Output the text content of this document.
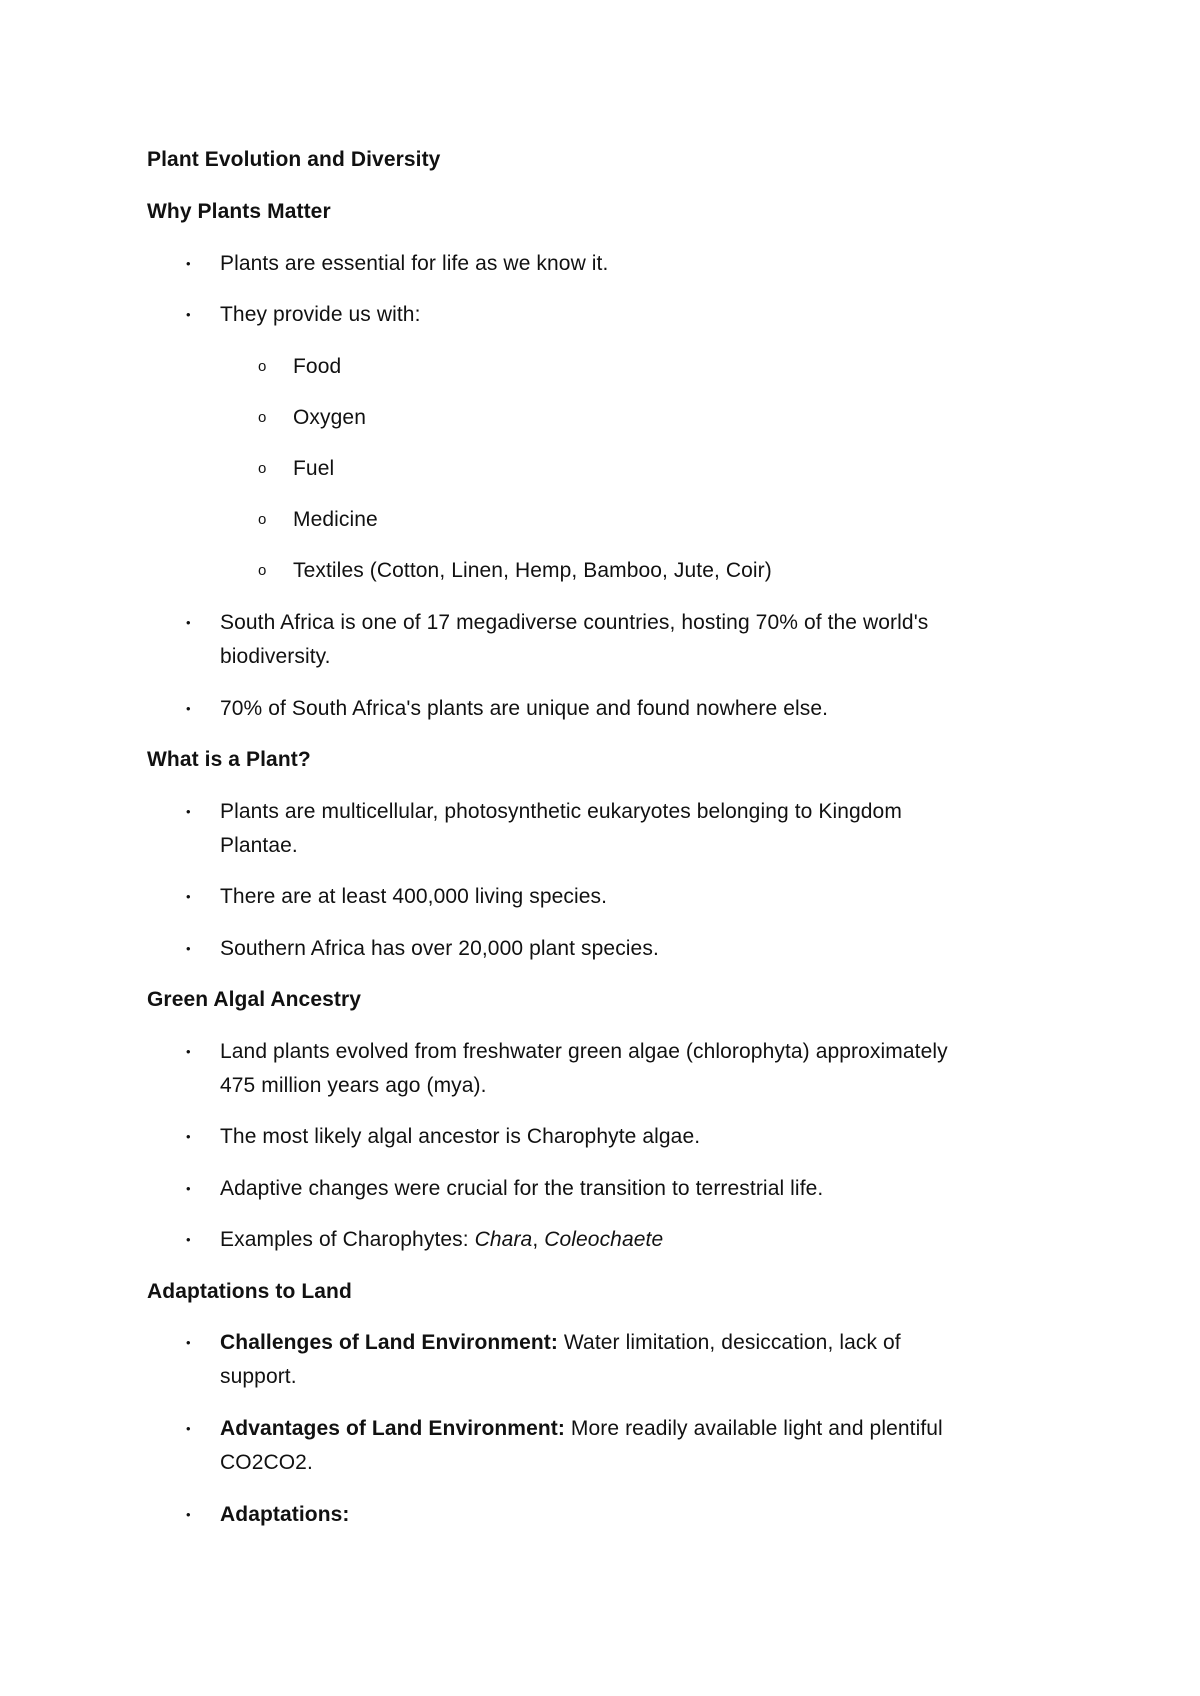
Plant Evolution and Diversity

Why Plants Matter

• Plants are essential for life as we know it.

• They provide us with:

o Food

o Oxygen

o Fuel

o Medicine

o Textiles (Cotton, Linen, Hemp, Bamboo, Jute, Coir)

• South Africa is one of 17 megadiverse countries, hosting 70% of the world's

biodiversity.

• 70% of South Africa's plants are unique and found nowhere else.

What is a Plant?

• Plants are multicellular, photosynthetic eukaryotes belonging to Kingdom

Plantae.

• There are at least 400,000 living species.

• Southern Africa has over 20,000 plant species.

Green Algal Ancestry

• Land plants evolved from freshwater green algae (chlorophyta) approximately

475 million years ago (mya).

• The most likely algal ancestor is Charophyte algae.

• Adaptive changes were crucial for the transition to terrestrial life.

• Examples of Charophytes: Chara, Coleochaete

Adaptations to Land

• Challenges of Land Environment: Water limitation, desiccation, lack of

support.

• Advantages of Land Environment: More readily available light and plentiful

CO2CO2.

• Adaptations:
